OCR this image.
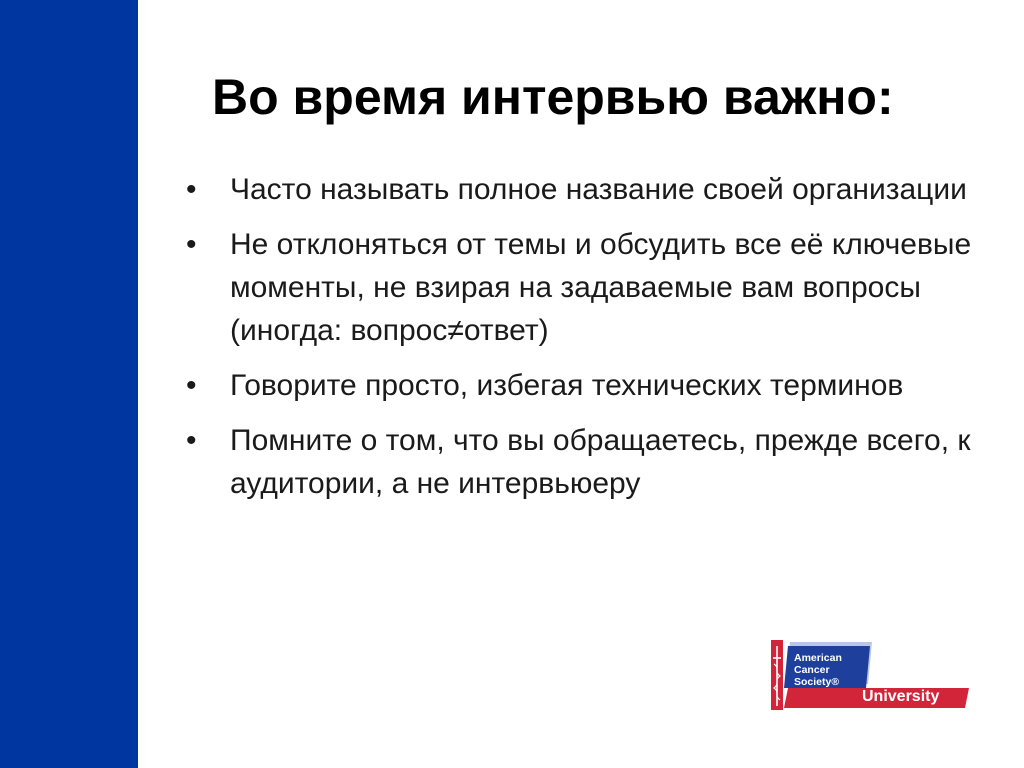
Во время интервью важно:
•	Часто называть полное название своей организации
•	Не отклоняться от темы и обсудить все её ключевые моменты, не взирая на задаваемые вам вопросы (иногда: вопрос≠ответ)
•	Говорите просто, избегая технических терминов
•	Помните о том, что вы обращаетесь, прежде всего, к аудитории, а не интервьюеру
American
Cancer
Society®
University
